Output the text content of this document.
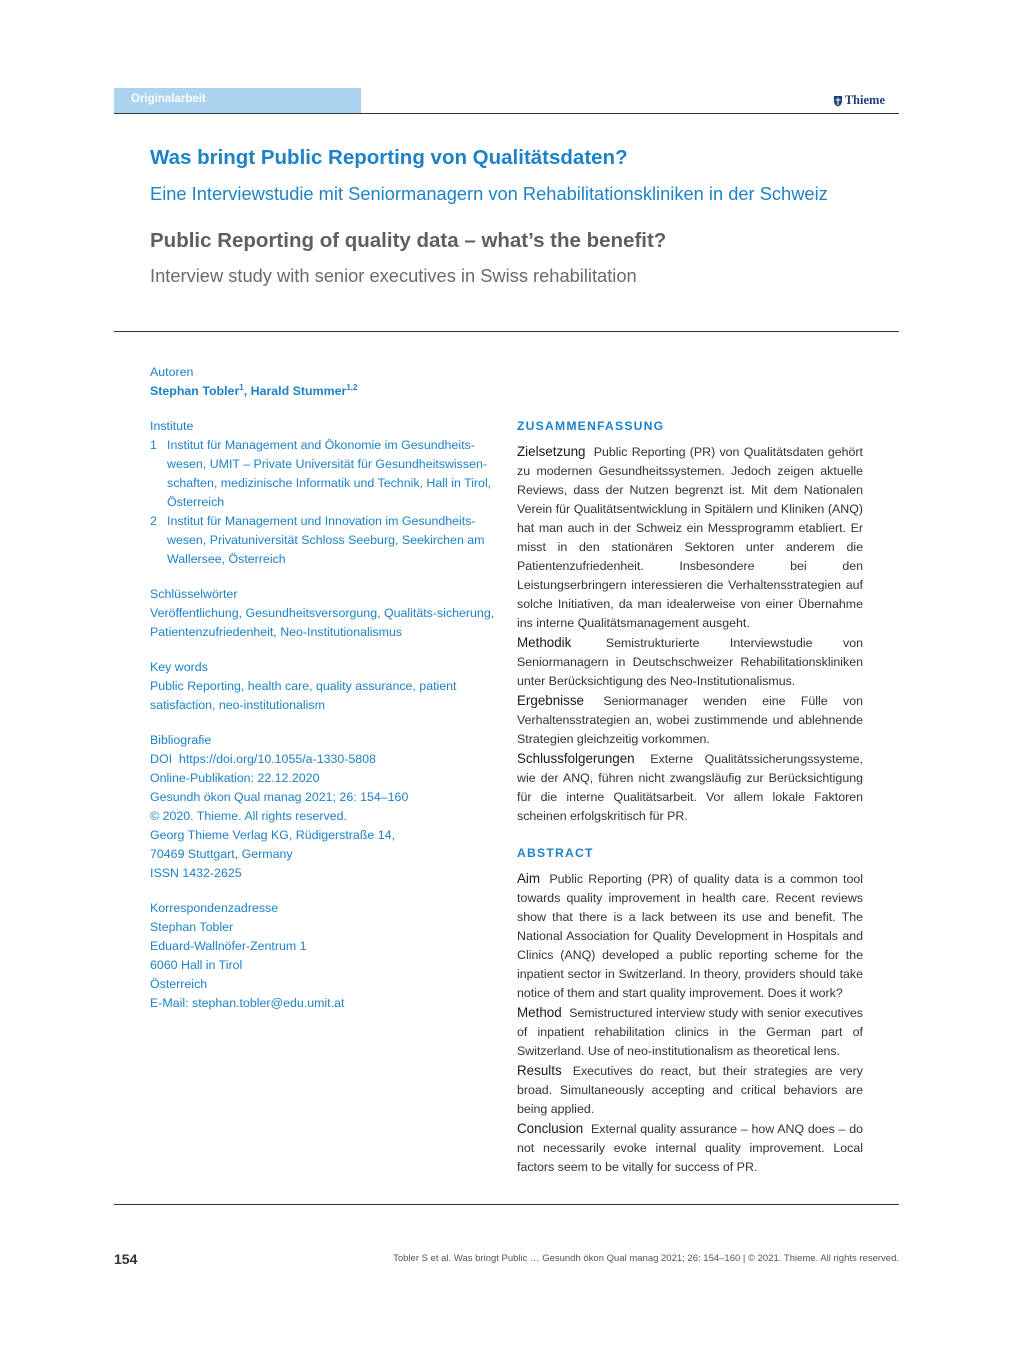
Originalarbeit	Thieme
Was bringt Public Reporting von Qualitätsdaten?
Eine Interviewstudie mit Seniormanagern von Rehabilitationskliniken in der Schweiz
Public Reporting of quality data – what’s the benefit?
Interview study with senior executives in Swiss rehabilitation
Autoren
Stephan Tobler$^1$, Harald Stummer$^{1,2}$
Institute
1 Institut für Management and Ökonomie im Gesundheits-wesen, UMIT – Private Universität für Gesundheitswissen-schaften, medizinische Informatik und Technik, Hall in Tirol, Österreich
2 Institut für Management und Innovation im Gesundheits-wesen, Privatuniversität Schloss Seeburg, Seekirchen am Wallersee, Österreich
Schlüsselwörter
Veröffentlichung, Gesundheitsversorgung, Qualitäts-sicherung, Patientenzufriedenheit, Neo-Institutionalismus
Key words
Public Reporting, health care, quality assurance, patient satisfaction, neo-institutionalism
Bibliografie
DOI https://doi.org/10.1055/a-1330-5808
Online-Publikation: 22.12.2020
Gesundh ökon Qual manag 2021; 26: 154–160
© 2020. Thieme. All rights reserved.
Georg Thieme Verlag KG, Rüdigerstraße 14,
70469 Stuttgart, Germany
ISSN 1432-2625
Korrespondenzadresse
Stephan Tobler
Eduard-Wallnöfer-Zentrum 1
6060 Hall in Tirol
Österreich
E-Mail: stephan.tobler@edu.umit.at
ZUSAMMENFASSUNG
Zielsetzung Public Reporting (PR) von Qualitätsdaten gehört zu modernen Gesundheitssystemen. Jedoch zeigen aktuelle Reviews, dass der Nutzen begrenzt ist. Mit dem Nationalen Verein für Qualitätsentwicklung in Spitälern und Kliniken (ANQ) hat man auch in der Schweiz ein Messprogramm etabliert. Er misst in den stationären Sektoren unter anderem die Patientenzufriedenheit. Insbesondere bei den Leistungserbringern interessieren die Verhaltensstrategien auf solche Initiativen, da man idealerweise von einer Übernahme ins interne Qualitätsmanagement ausgeht.
Methodik	Semistrukturierte Interviewstudie von Seniormanagern in Deutschschweizer Rehabilitationskliniken unter Berücksichtigung des Neo-Institutionalismus.
Ergebnisse Seniormanager wenden eine Fülle von Verhaltensstrategien an, wobei zustimmende und ablehnende Strategien gleichzeitig vorkommen.
Schlussfolgerungen Externe Qualitätssicherungssysteme, wie der ANQ, führen nicht zwangsläufig zur Berücksichtigung für die interne Qualitätsarbeit. Vor allem lokale Faktoren scheinen erfolgskritisch für PR.
ABSTRACT
Aim Public Reporting (PR) of quality data is a common tool towards quality improvement in health care. Recent reviews show that there is a lack between its use and benefit. The National Association for Quality Development in Hospitals and Clinics (ANQ) developed a public reporting scheme for the inpatient sector in Switzerland. In theory, providers should take notice of them and start quality improvement. Does it work?
Method Semistructured interview study with senior executives of inpatient rehabilitation clinics in the German part of Switzerland. Use of neo-institutionalism as theoretical lens.
Results Executives do react, but their strategies are very broad. Simultaneously accepting and critical behaviors are being applied.
Conclusion External quality assurance – how ANQ does – do not necessarily evoke internal quality improvement. Local factors seem to be vitally for success of PR.
154	Tobler S et al. Was bringt Public … Gesundh ökon Qual manag 2021; 26: 154–160 | © 2021. Thieme. All rights reserved.
